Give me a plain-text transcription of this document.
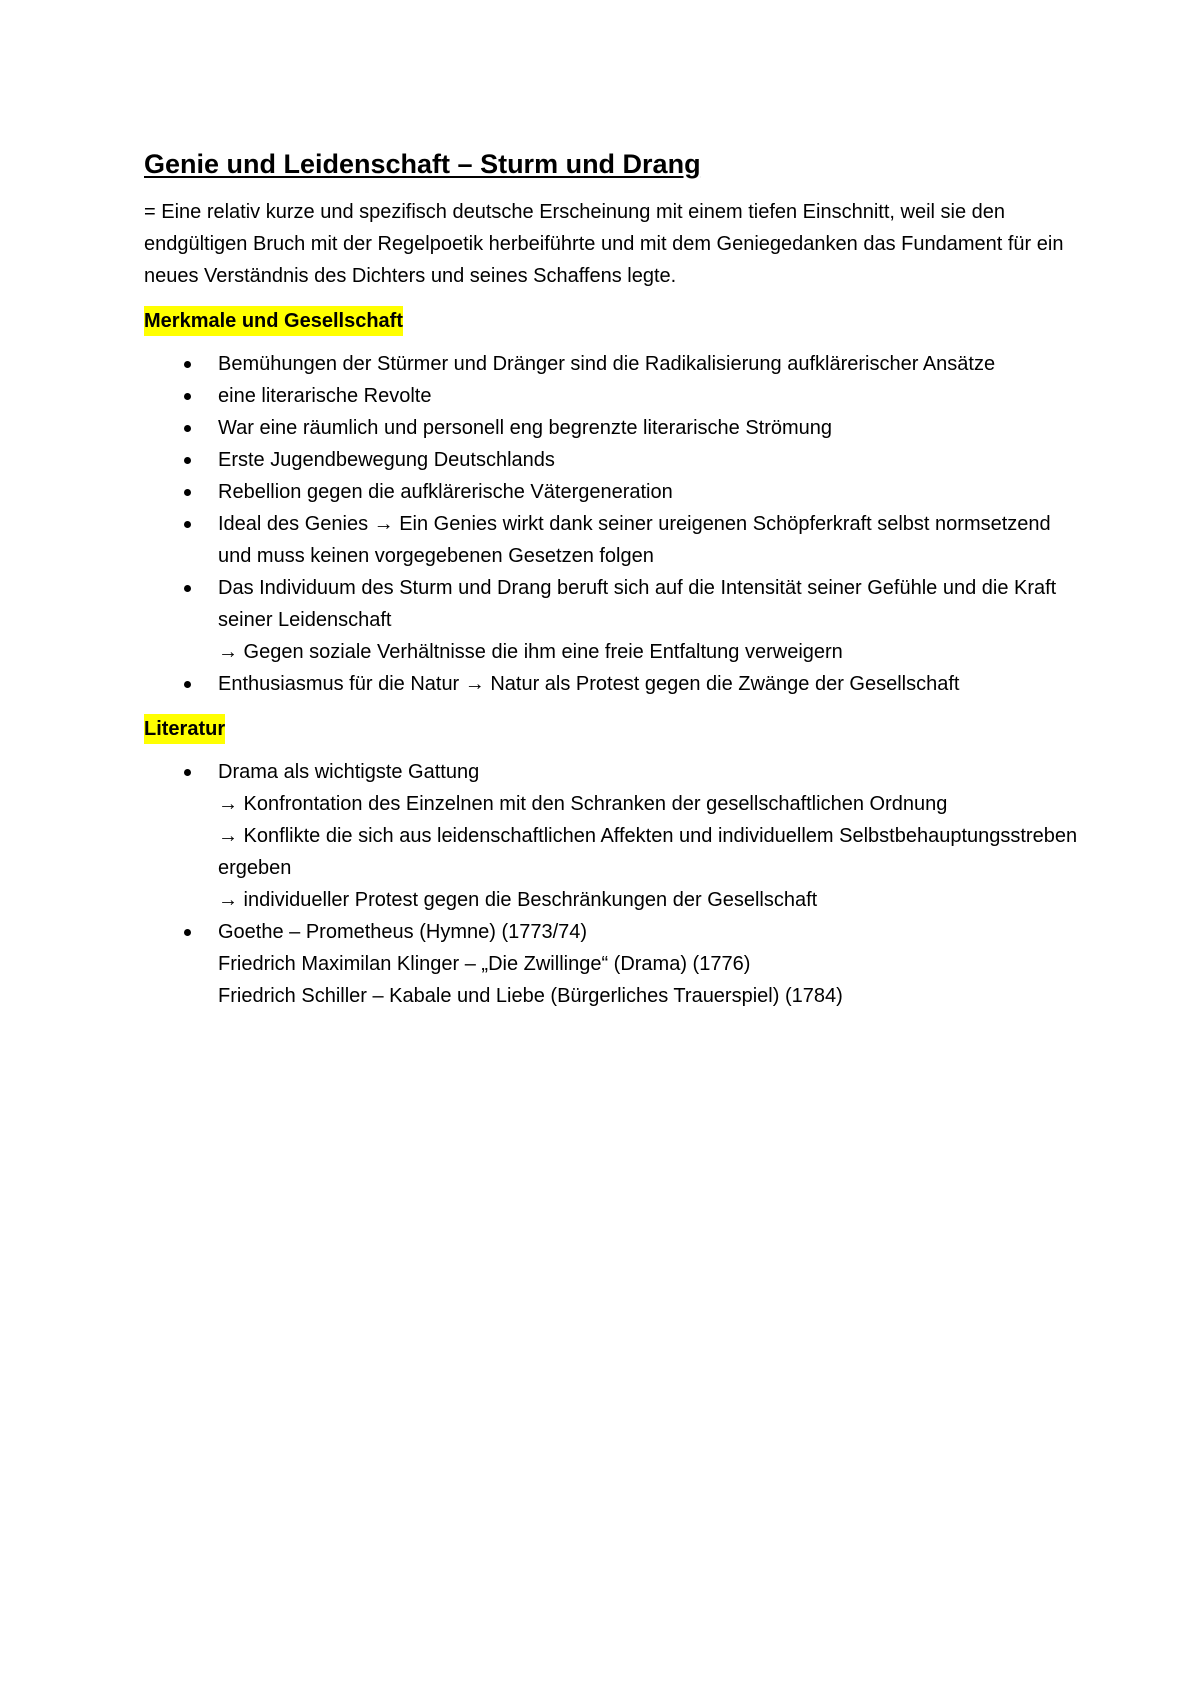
Genie und Leidenschaft – Sturm und Drang
= Eine relativ kurze und spezifisch deutsche Erscheinung mit einem tiefen Einschnitt, weil sie den endgültigen Bruch mit der Regelpoetik herbeiführte und mit dem Geniegedanken das Fundament für ein neues Verständnis des Dichters und seines Schaffens legte.
Merkmale und Gesellschaft
Bemühungen der Stürmer und Dränger sind die Radikalisierung aufklärerischer Ansätze
eine literarische Revolte
War eine räumlich und personell eng begrenzte literarische Strömung
Erste Jugendbewegung Deutschlands
Rebellion gegen die aufklärerische Vätergeneration
Ideal des Genies → Ein Genies wirkt dank seiner ureigenen Schöpferkraft selbst normsetzend und muss keinen vorgegebenen Gesetzen folgen
Das Individuum des Sturm und Drang beruft sich auf die Intensität seiner Gefühle und die Kraft seiner Leidenschaft
→ Gegen soziale Verhältnisse die ihm eine freie Entfaltung verweigern
Enthusiasmus für die Natur → Natur als Protest gegen die Zwänge der Gesellschaft
Literatur
Drama als wichtigste Gattung
→ Konfrontation des Einzelnen mit den Schranken der gesellschaftlichen Ordnung
→ Konflikte die sich aus leidenschaftlichen Affekten und individuellem Selbstbehauptungsstreben ergeben
→ individueller Protest gegen die Beschränkungen der Gesellschaft
Goethe – Prometheus (Hymne) (1773/74)
Friedrich Maximilan Klinger – „Die Zwillinge“ (Drama) (1776)
Friedrich Schiller – Kabale und Liebe (Bürgerliches Trauerspiel) (1784)
